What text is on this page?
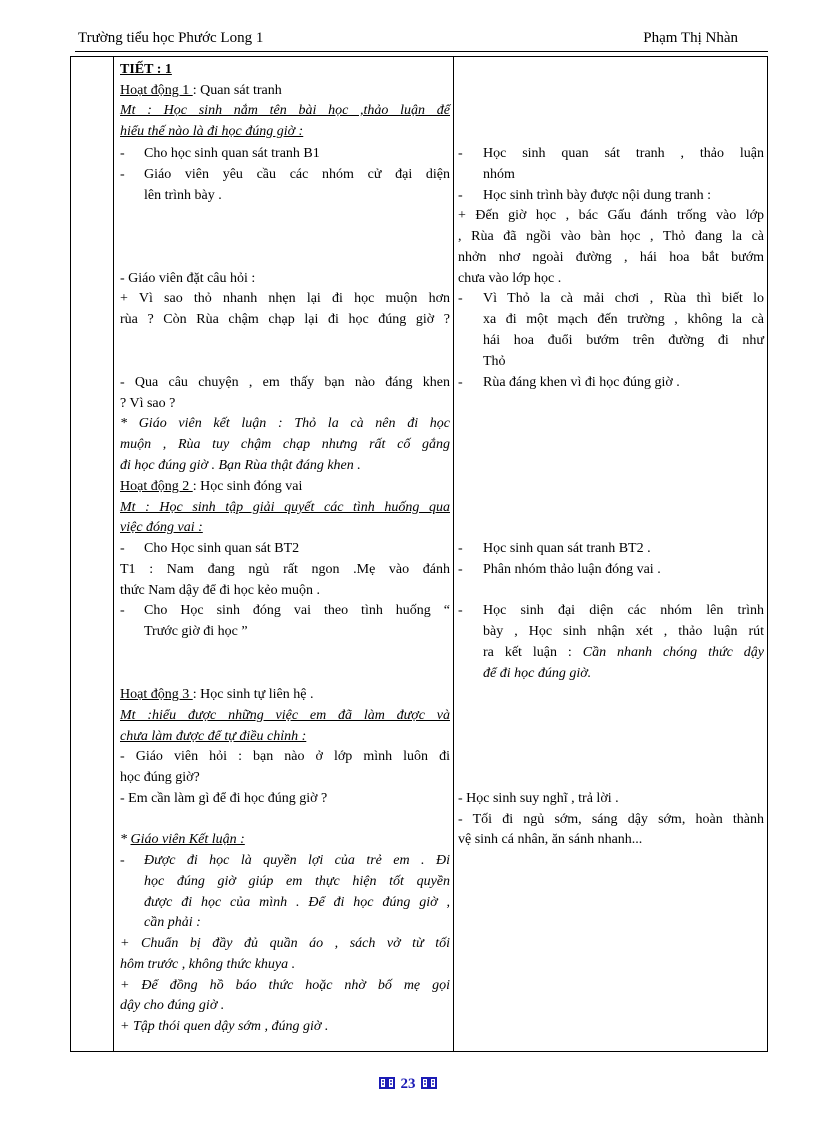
Trường tiểu học Phước Long 1	Phạm Thị Nhàn
TIẾT : 1
Hoạt động 1 : Quan sát tranh
Mt : Học sinh nắm tên bài học ,thảo luận để
hiểu thế nào là đi học đúng giờ :
- Cho học sinh quan sát tranh B1
- Giáo viên yêu cầu các nhóm cử đại diện
lên trình bày .
- Giáo viên đặt câu hỏi :
+ Vì sao thỏ nhanh nhẹn lại đi học muộn hơn
rùa ? Còn Rùa chậm chạp lại đi học đúng giờ ?
- Qua câu chuyện , em thấy bạn nào đáng khen
? Vì sao ?
* Giáo viên kết luận : Thỏ la cà nên đi học
muộn , Rùa tuy chậm chạp nhưng rất cố gắng
đi học đúng giờ . Bạn Rùa thật đáng khen .
Hoạt động 2 : Học sinh đóng vai
Mt : Học sinh tập giải quyết các tình huống qua
việc đóng vai :
- Cho Học sinh quan sát BT2
T1 : Nam đang ngủ rất ngon .Mẹ vào đánh
thức Nam dậy để đi học kẻo muộn .
- Cho Học sinh đóng vai theo tình huống “
Trước giờ đi học ”
Hoạt động 3 : Học sinh tự liên hệ .
Mt :hiểu được những việc em đã làm được và
chưa làm được để tự điều chỉnh :
- Giáo viên hỏi : bạn nào ở lớp mình luôn đi
học đúng giờ?
- Em cần làm gì để đi học đúng giờ ?
* Giáo viên Kết luận :
- Được đi học là quyền lợi của trẻ em . Đi
học đúng giờ giúp em thực hiện tốt quyền
được đi học của mình . Để đi học đúng giờ ,
cần phải :
+ Chuẩn bị đầy đủ quần áo , sách vở từ tối
hôm trước , không thức khuya .
+ Để đồng hồ báo thức hoặc nhờ bố mẹ gọi
dậy cho đúng giờ .
+ Tập thói quen dậy sớm , đúng giờ .
- Học sinh quan sát tranh , thảo luận
nhóm
- Học sinh trình bày được nội dung tranh :
+ Đến giờ học , bác Gấu đánh trống vào lớp
, Rùa đã ngồi vào bàn học , Thỏ đang la cà
nhởn nhơ ngoài đường , hái hoa bắt bướm
chưa vào lớp học .
- Vì Thỏ la cà mải chơi , Rùa thì biết lo
xa đi một mạch đến trường , không la cà
hái hoa đuổi bướm trên đường đi như
Thỏ
- Rùa đáng khen vì đi học đúng giờ .
- Học sinh quan sát tranh BT2 .
- Phân nhóm thảo luận đóng vai .
- Học sinh đại diện các nhóm lên trình
bày , Học sinh nhận xét , thảo luận rút
ra kết luận : Cần nhanh chóng thức dậy
để đi học đúng giờ.
- Học sinh suy nghĩ , trả lời .
- Tối đi ngủ sớm, sáng dậy sớm, hoàn thành
vệ sinh cá nhân, ăn sánh nhanh...
23
